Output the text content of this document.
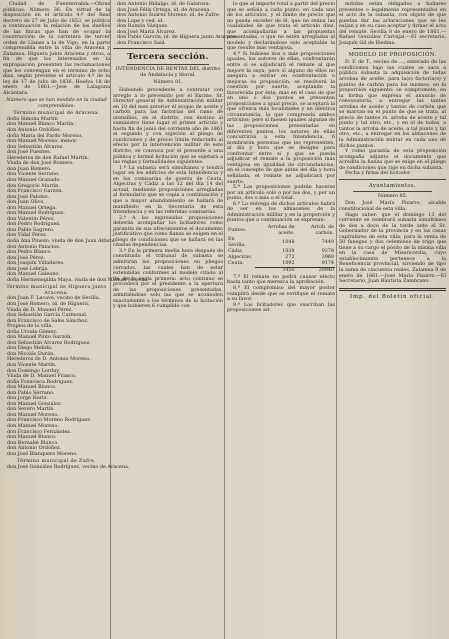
Ciudad de Fuenterrabía.—Obras públicas. Número 36. En virtud de la disposición en el artículo 4.º del Real decreto de 27 de Julio de 1853, se publica a continuación la relación de los dueños de las fincas que han de ocupar la construcción de la carretera de tercer orden de Llanes a la de Vigo, en la parte comprendida entre la villa de Aracena y Zalamea. Higuera junto Aracena y otros, a fin de que los interesados en la expropiación presenten las reclamaciones que les convengan en el término de ocho días, según previene el artículo 4.º de la ley de 17 de julio de 1836. Huelva 18 de enero de 1861.—José de Lalaguna Alcántara.

Número que se han medido en la ciudad comprendidas:

Término municipal de Aracena.

doña Simona Martín
don Manuel Blanco Martín.
don Antonio Ordóñez.
doña María del Pardo Moreno.
don Manuel Moreno, menor.
don Sebastián Alvarez.
don José Fuentes.
Herederos de don Rafael Martín.
Viuda de don José Romero.
don Juan Romero.
don Vicente Serrano.
don Manuel Granado.
don Gregorio Martín.
don Francisco Garzón.
don José Palomo.
don Juan Olivo.
don Manuel Ortega.
don Manuel Rodríguez.
don Valentín Pérez.
don Pedro Rodríguez.
don Pablo Sagrero.
don Vidal Pérez.
doña Ana Pinedo, viuda de don Juan Alfaro.
don Antonio Palacios.
don Pedro Blanco.
don José Pérez.
don Joaquín Villadares.
don José Lebrija.
don Manuel Galeano.
doña Hermenegilda Maya, viuda de don Manuel Moreno.

Término municipal de Higuera junto Aracena.

don Juan F. Lacave, vecino de Sevilla.
don José Romero, id. de Higuera.
Viuda de D. Manuel Pérez.
don Sebastián García Carmonal.
don Francisco de Sales Sánchez.
Propios de la villa.
doña Ursula Gómez.
don Manuel Pinto Garzón.
don Sebastián Alvarez Rodríguez.
don Diego Melida.
don Nicolás Durán.
Herederos de D. Antonio Moreno.
don Vicente Martín.
don Domingo Lorduy.
Viuda de D. Manuel Franco.
doña Francisca Rodríguez.
don Manuel Blanco.
don Pablo Serrano.
don Jorge Hartz.
don Manuel González.
don Severo Martín.
don Manuel Moreno.
don Francisco Moreno Rodríguez.
don Manuel Moreno.
don Francisco Fernández.
don Manuel Blanco.
don Bernabé Blanco.
don Antonio Ordóñez.
don José Blanquero Moreno.

Término municipal de Zufre.

don José González Rodríguez, vecino de Aracena.
don Antonio Hidalgo, id. de Galaroza.
don José Félix Ortega, id. de Aracena.
don Antonio Suárez Moreno, id. de Zufre.
don Lope y ced. id.
don Ramón Vázquez.
don José María Alvarez.
don Pablo Garzón, id. de Higuera junto Aracena.
don Francisco Saúl.
Tercera sección.

INTENDENCIA DE RENTAS DEL distrito de Andalucía y litoral.

Número 81.

Habiendo procedente a contratar con arreglo a lo prevenido por el Excmo. Sr. Director general de Administración militar en 10 del mes anterior el acopio de aceite y carbón para las factorías del ramo de utensilios, en el distrito, con destino al suministro tiene lugar el primer artículo y hasta fin de junio del corriente año de 1861 el segundo y con sujeción al pliego de condiciones y de precio límite redactado al efecto por la intervención militar de este distrito, se convoca por el presente a una pública y formal licitación que se sujetará a las reglas y formalidades siguientes.

1.ª La subasta será simultánea y tendrá lugar en los edificios de esta Intendencia y en las comisarías de guerra de Ceuta, Algeciras y Cádiz a las 12 del día 14 del actual, mediante proposiciones arregladas al formulario que se copia a continuación y que a mayor abundamiento se hallará de manifiesto en la Secretaría de esta Intendencia y en las referidas comisarías.

2.ª A las expresadas proposiciones deberán acompañar los licitadores como garantía de sus ofrecimientos el documento justificativo que como fianza se exigen en el pliego de condiciones que se hallará en las citadas dependencias.

3.ª En la primera media hora después de constituido el tribunal de subasta se admitirán las proposiciones en pliegos cerrados, las cuales han de estar extendidas conformes al modelo citado al fin de la regla primera: acto continuo se procederá por el presidente a la apertura de las proposiciones presentadas, admitiéndose solo las que se acomoden exactamente a los términos de la licitación y que hubieren 6 cumplido con

lo que al importe total a partir del precio que se señala a cada punto, en cada uno de los artículos, y el límite de precio que no pueda exceder de él, que no reúna las cualidades de que trata el artículo diez, que acompañarán a las propuestas presentadas, o que no estén arregladas al modelo y declarándose solo aceptable la que resulte más ventajosa.

4.ª Si hubiese dos o más proposiciones iguales, los autores de ellas, confrontarán entre sí se adjudicará el remate al que mejore la suya; pero si alguno de ellos no asegura a entrar en confrontación o mejoras su proposición, se resolverá la cuestión por suerte, aceptando la favorecida por ésta; mas en el caso de que en uno o dos puntos se presenten proposiciones a igual precio, se aceptará la que ofrezca más localidades y en idéntica circunstancia, la que comprenda ambos artículos; pero si fuesen iguales algunas de las proposiciones presentadas en diferentes puntos, los autores de ellas concurrirán a esta Intendencia, 6 nombrarán personas que les representen, al día y hora que se designe para confrontar entre sí y que se pueda adjudicar el remate a la proposición más ventajosa en igualdad de circunstancias; en el concepto de que antes del día y hora señalada, el remate se adjudicará por suerte.

5.ª Las proposiciones podrán hacerse por un artículo solo o por los dos, y por un punto, dos o más o el total.

6.ª La entrega de dichos artículos habrá de ser en los almacenes de la Administración militar y en la proporción y puntos que a continuación se expresan:

Puntos.	Arrobas de aceite.	Arrob. de carbón.
En Sevilla.	1048	7449
Cádiz.	1038	9278
Algeciras.	272	3969
Ceuta.	1092	9174
	3450	29940

7.ª El remate no podrá causar efecto hasta tanto que merezca la aprobación.

8.ª El compromiso del mayor postor cumplirá desde que se verifique el remate a su favor.

9.ª Los licitadores que suscriban las proposiciones ad-

mitidas están obligados a hallarse presentes o legalmente representados en el acto de la subasta, con objeto de que puedan dar las aclaraciones que se les exijan y en su caso aceptar y firmar el acta del remate. Sevilla 8 de enero de 1861.—Rafael González Carvajal.—El secretario, Joaquín Gil de Biedma.

MODELO DE PROPOSICIÓN.

D. F. de T., vecino de ..., enterado de las condiciones bajo las cuales se saca a pública subasta la adquisición de todas arrobas de aceite, para la(s) factoría(s) y puntos de carbón para los mismos, en la proporción siguiente: se compromete, en la forma que expresa el anuncio de convocatoria, a entregar las tantas arrobas de aceite y tantas de carbón que se marcan en el punto de que se trata, al precio de tantos rs. arroba de aceite y tal punto y tal otro, etc., y en el de todos, a tantos la arroba de aceite, a tal punto y tal otro, etc., a entregar en los almacenes de la Administración militar en cada uno de dichos puntos.

Y como garantía de esta proposición acompaña adjunto el documento que acredita la fianza que se exige en el pliego de condiciones que rige en dicha subasta.

Fecha y firma del licitador.

Ayuntamientos.

Número 85.

Don José María Pizarro, alcalde constitucional de esta villa.

Hago saber: que el domingo 13 del corriente se celebrará subasta simultánea de dos a doce de la tarde ante el Sr. Gobernador de la provincia y en las casas capitulares de esta villa, para la venta de 50 fanegas y dos celemines de trigo que tiene a su cargo el pósito de la misma villa en la casa de Misericordia, cuyo establecimiento pertenece a la Beneficencia provincial, sirviendo de tipo la suma de cincuenta reales. Zalamea 9 de enero de 1861.—José María Pizarro.—El Secretario, Juan Bautista Zambrano.

Imp. del Boletín oficial.
